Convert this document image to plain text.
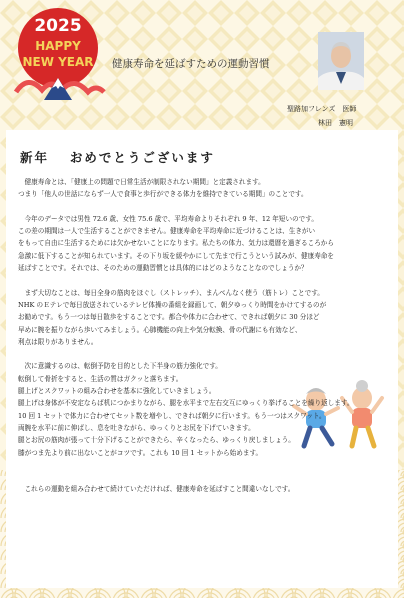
2025
HAPPY
NEW YEAR	健康寿命を延ばすための運動習慣
聖路加フレンズ　医師
林田　憲明
新年　 おめでとうございます

　健康寿命とは、「健康上の問題で日常生活が制限されない期間」と定義されます。

つまり「他人の世話にならず一人で食事と歩行ができる体力を維持できている期間」のことです。

　今年のデータでは男性 72.6 歳、女性 75.6 歳で、平均寿命よりそれぞれ 9 年、12 年短いのです。

この差の期間は一人で生活することができません。健康寿命を平均寿命に近づけることは、生きがい

をもって自由に生活するためには欠かせないことになります。私たちの体力、気力は還暦を過ぎるころから

急激に低下することが知られています。その下り坂を緩やかにして先まで行こうという試みが、健康寿命を

延ばすことです。それでは、そのための運動習慣とは具体的にはどのようなことなのでしょうか？

　まず大切なことは、毎日全身の筋肉をほぐし（ストレッチ）、まんべんなく使う（筋トレ）ことです。

NHK のＥテレで毎日放送されているテレビ体操の番組を録画して、朝夕ゆっくり時間をかけてするのが

お勧めです。もう一つは毎日散歩をすることです。都合や体力に合わせて、できれば朝夕に 30 分ほど

早めに腕を振りながら歩いてみましょう。心肺機能の向上や気分転換、骨の代謝にも有効など、

利点は限りがありません。

　次に意識するのは、転倒予防を目的とした下半身の筋力強化です。

転倒して骨折をすると、生活の質はガクッと落ちます。

腿上げとスクワットの組み合わせを基本に強化していきましょう。

腿上げは身体が不安定ならば机につかまりながら、腿を水平まで左右交互にゆっくり挙げることを繰り返します。

10 回 1 セットで体力に合わせてセット数を増やし、できれば朝夕に行います。もう一つはスクワット。

両腕を水平に前に伸ばし、息を吐きながら、ゆっくりとお尻を下げていきます。

腿とお尻の筋肉が張って十分下げることができたら、辛くなったら、ゆっくり戻しましょう。

膝がつま先より前に出ないことがコツです。これも 10 回 1 セットから始めます。

　これらの運動を組み合わせて続けていただければ、健康寿命を延ばすこと間違いなしです。
